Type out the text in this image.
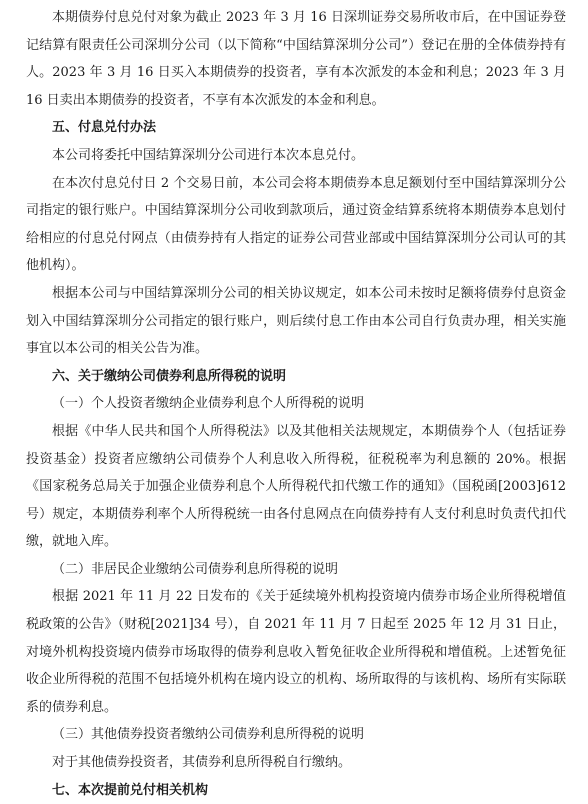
本期债券付息兑付对象为截止 2023 年 3 月 16 日深圳证券交易所收市后，在中国证券登记结算有限责任公司深圳分公司（以下简称“中国结算深圳分公司”）登记在册的全体债券持有人。2023 年 3 月 16 日买入本期债券的投资者，享有本次派发的本金和利息；2023 年 3 月 16 日卖出本期债券的投资者，不享有本次派发的本金和利息。

五、付息兑付办法

本公司将委托中国结算深圳分公司进行本次本息兑付。

在本次付息兑付日 2 个交易日前，本公司会将本期债券本息足额划付至中国结算深圳分公司指定的银行账户。中国结算深圳分公司收到款项后，通过资金结算系统将本期债券本息划付给相应的付息兑付网点（由债券持有人指定的证券公司营业部或中国结算深圳分公司认可的其他机构）。

根据本公司与中国结算深圳分公司的相关协议规定，如本公司未按时足额将债券付息资金划入中国结算深圳分公司指定的银行账户，则后续付息工作由本公司自行负责办理，相关实施事宜以本公司的相关公告为准。

六、关于缴纳公司债券利息所得税的说明

（一）个人投资者缴纳企业债券利息个人所得税的说明

根据《中华人民共和国个人所得税法》以及其他相关法规规定，本期债券个人（包括证券投资基金）投资者应缴纳公司债券个人利息收入所得税，征税税率为利息额的 20%。根据《国家税务总局关于加强企业债券利息个人所得税代扣代缴工作的通知》（国税函[2003]612 号）规定，本期债券利率个人所得税统一由各付息网点在向债券持有人支付利息时负责代扣代缴，就地入库。

（二）非居民企业缴纳公司债券利息所得税的说明

根据 2021 年 11 月 22 日发布的《关于延续境外机构投资境内债券市场企业所得税增值税政策的公告》（财税[2021]34 号），自 2021 年 11 月 7 日起至 2025 年 12 月 31 日止，对境外机构投资境内债券市场取得的债券利息收入暂免征收企业所得税和增值税。上述暂免征收企业所得税的范围不包括境外机构在境内设立的机构、场所取得的与该机构、场所有实际联系的债券利息。

（三）其他债券投资者缴纳公司债券利息所得税的说明

对于其他债券投资者，其债券利息所得税自行缴纳。

七、本次提前兑付相关机构
